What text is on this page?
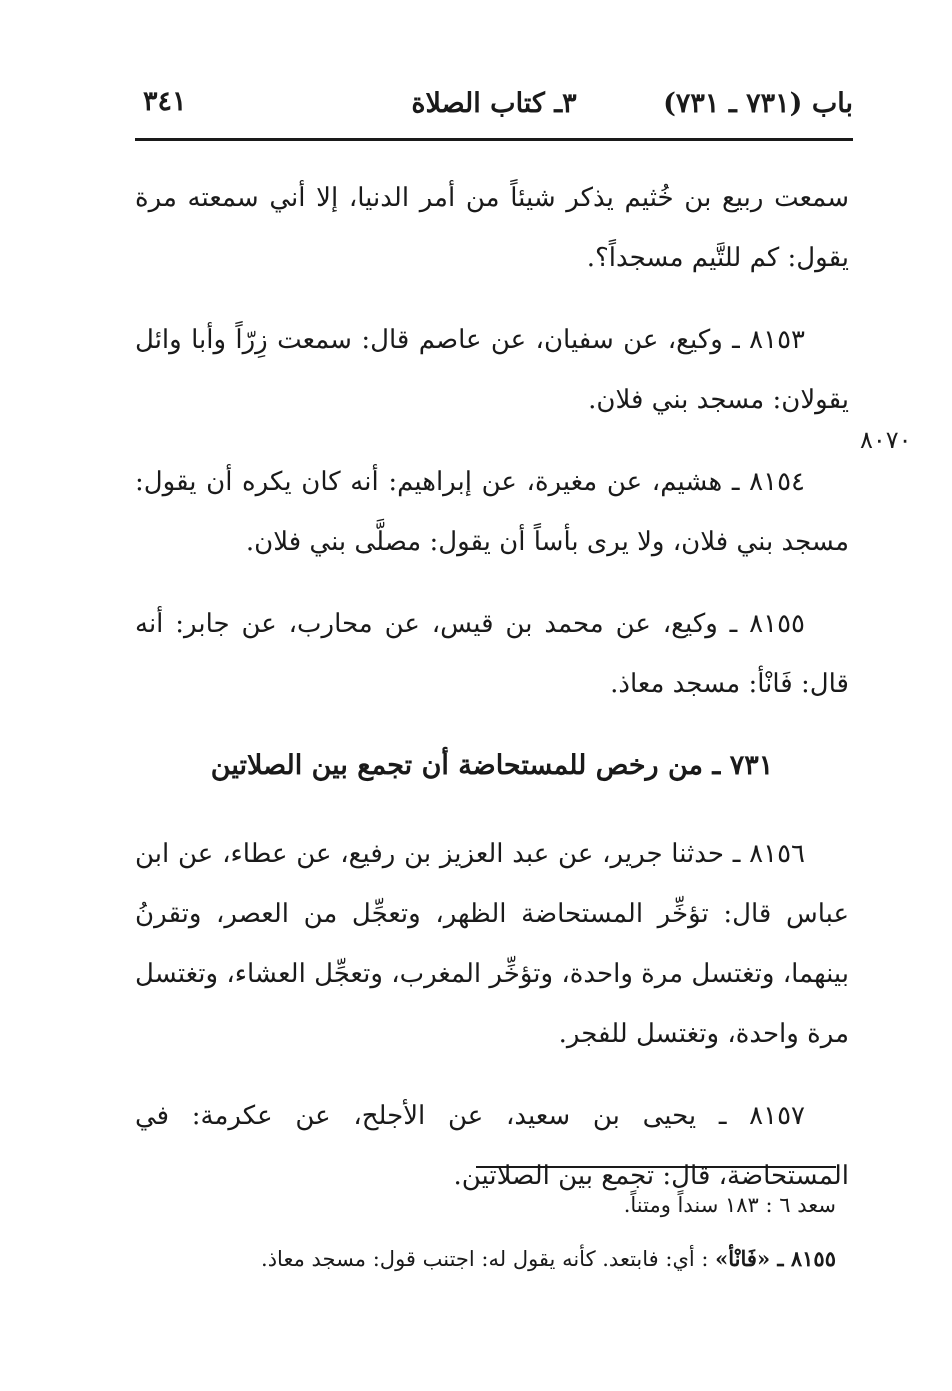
باب (٧٣١ ـ ٧٣١)
٣ـ كتاب الصلاة
٣٤١
٨٠٧٠

سمعت ربيع بن خُثيم يذكر شيئاً من أمر الدنيا، إلا أني سمعته مرة يقول: كم للتَّيم مسجداً؟.

٨١٥٣ ـ وكيع، عن سفيان، عن عاصم قال: سمعت زِرّاً وأبا وائل يقولان: مسجد بني فلان.

٨١٥٤ ـ هشيم، عن مغيرة، عن إبراهيم: أنه كان يكره أن يقول: مسجد بني فلان، ولا يرى بأساً أن يقول: مصلَّى بني فلان.

٨١٥٥ ـ وكيع، عن محمد بن قيس، عن محارب، عن جابر: أنه قال: فَانْأ: مسجد معاذ.

٧٣١ ـ من رخص للمستحاضة أن تجمع بين الصلاتين

٨١٥٦ ـ حدثنا جرير، عن عبد العزيز بن رفيع، عن عطاء، عن ابن عباس قال: تؤخِّر المستحاضة الظهر، وتعجِّل من العصر، وتقرنُ بينهما، وتغتسل مرة واحدة، وتؤخِّر المغرب، وتعجِّل العشاء، وتغتسل مرة واحدة، وتغتسل للفجر.

٨١٥٧ ـ يحيى بن سعيد، عن الأجلح، عن عكرمة: في المستحاضة، قال: تجمع بين الصلاتين.

سعد ٦ : ١٨٣ سنداً ومتناً.

٨١٥٥ ـ «فَانْأ» : أي: فابتعد. كأنه يقول له: اجتنب قول: مسجد معاذ.
